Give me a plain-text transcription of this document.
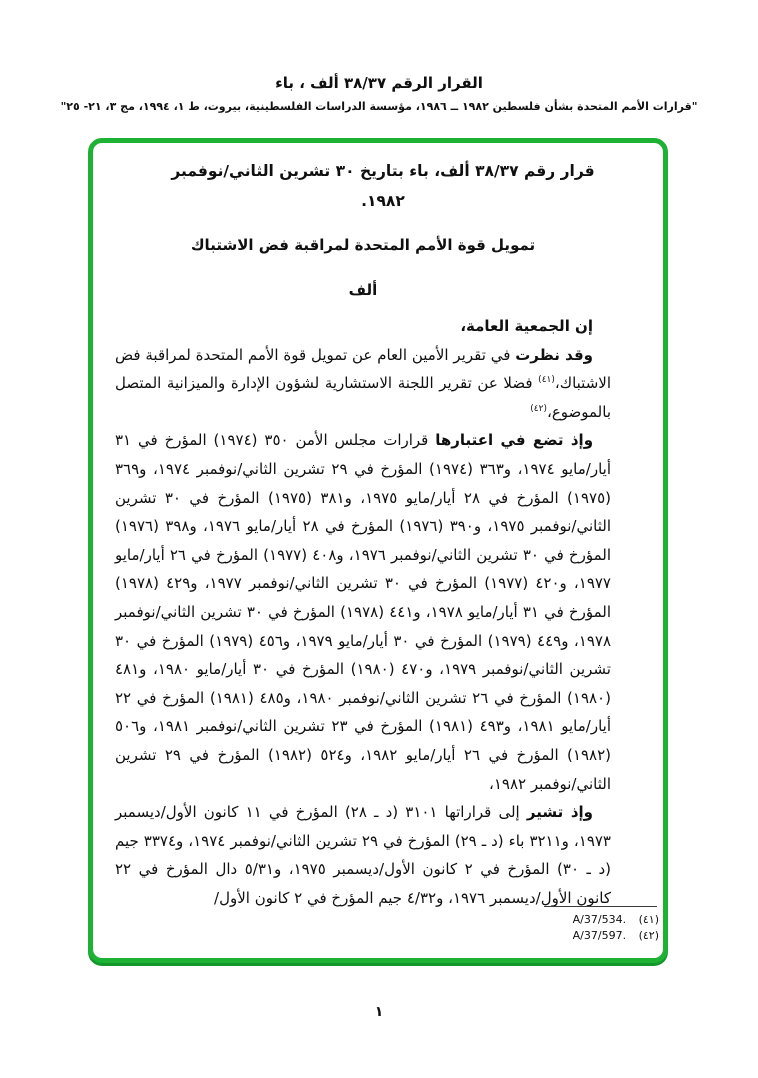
القرار الرقم ٣٨/٣٧ ألف ، باء
"قرارات الأمم المتحدة بشأن فلسطين ١٩٨٢ ــ ١٩٨٦، مؤسسة الدراسات الفلسطينية، بيروت، ط ١، ١٩٩٤، مج ٣، ٢١- ٢٥"
قرار رقم ٣٨/٣٧ ألف، باء بتاريخ ٣٠ تشرين الثاني/نوفمبر
١٩٨٢.
تمويل قوة الأمم المتحدة لمراقبة فض الاشتباك
ألف

إن الجمعية العامة،

وقد نظرت في تقرير الأمين العام عن تمويل قوة الأمم المتحدة لمراقبة فض الاشتباك،$^{(٤١)}$ فضلا عن تقرير اللجنة الاستشارية لشؤون الإدارة والميزانية المتصل بالموضوع،$^{(٤٢)}$

وإذ تضع في اعتبارها قرارات مجلس الأمن ٣٥٠ (١٩٧٤) المؤرخ في ٣١ أيار/مايو ١٩٧٤، و٣٦٣ (١٩٧٤) المؤرخ في ٢٩ تشرين الثاني/نوفمبر ١٩٧٤، و٣٦٩ (١٩٧٥) المؤرخ في ٢٨ أيار/مايو ١٩٧٥، و٣٨١ (١٩٧٥) المؤرخ في ٣٠ تشرين الثاني/نوفمبر ١٩٧٥، و٣٩٠ (١٩٧٦) المؤرخ في ٢٨ أيار/مايو ١٩٧٦، و٣٩٨ (١٩٧٦) المؤرخ في ٣٠ تشرين الثاني/نوفمبر ١٩٧٦، و٤٠٨ (١٩٧٧) المؤرخ في ٢٦ أيار/مايو ١٩٧٧، و٤٢٠ (١٩٧٧) المؤرخ في ٣٠ تشرين الثاني/نوفمبر ١٩٧٧، و٤٢٩ (١٩٧٨) المؤرخ في ٣١ أيار/مايو ١٩٧٨، و٤٤١ (١٩٧٨) المؤرخ في ٣٠ تشرين الثاني/نوفمبر ١٩٧٨، و٤٤٩ (١٩٧٩) المؤرخ في ٣٠ أيار/مايو ١٩٧٩، و٤٥٦ (١٩٧٩) المؤرخ في ٣٠ تشرين الثاني/نوفمبر ١٩٧٩، و٤٧٠ (١٩٨٠) المؤرخ في ٣٠ أيار/مايو ١٩٨٠، و٤٨١ (١٩٨٠) المؤرخ في ٢٦ تشرين الثاني/نوفمبر ١٩٨٠، و٤٨٥ (١٩٨١) المؤرخ في ٢٢ أيار/مايو ١٩٨١، و٤٩٣ (١٩٨١) المؤرخ في ٢٣ تشرين الثاني/نوفمبر ١٩٨١، و٥٠٦ (١٩٨٢) المؤرخ في ٢٦ أيار/مايو ١٩٨٢، و٥٢٤ (١٩٨٢) المؤرخ في ٢٩ تشرين الثاني/نوفمبر ١٩٨٢،

وإذ تشير إلى قراراتها ٣١٠١ (د ـ ٢٨) المؤرخ في ١١ كانون الأول/ديسمبر ١٩٧٣، و٣٢١١ باء (د ـ ٢٩) المؤرخ في ٢٩ تشرين الثاني/نوفمبر ١٩٧٤، و٣٣٧٤ جيم (د ـ ٣٠) المؤرخ في ٢ كانون الأول/ديسمبر ١٩٧٥، و٥/٣١ دال المؤرخ في ٢٢ كانون الأول/ديسمبر ١٩٧٦، و٤/٣٢ جيم المؤرخ في ٢ كانون الأول/

(٤١) A/37/534.
(٤٢) A/37/597.
١
